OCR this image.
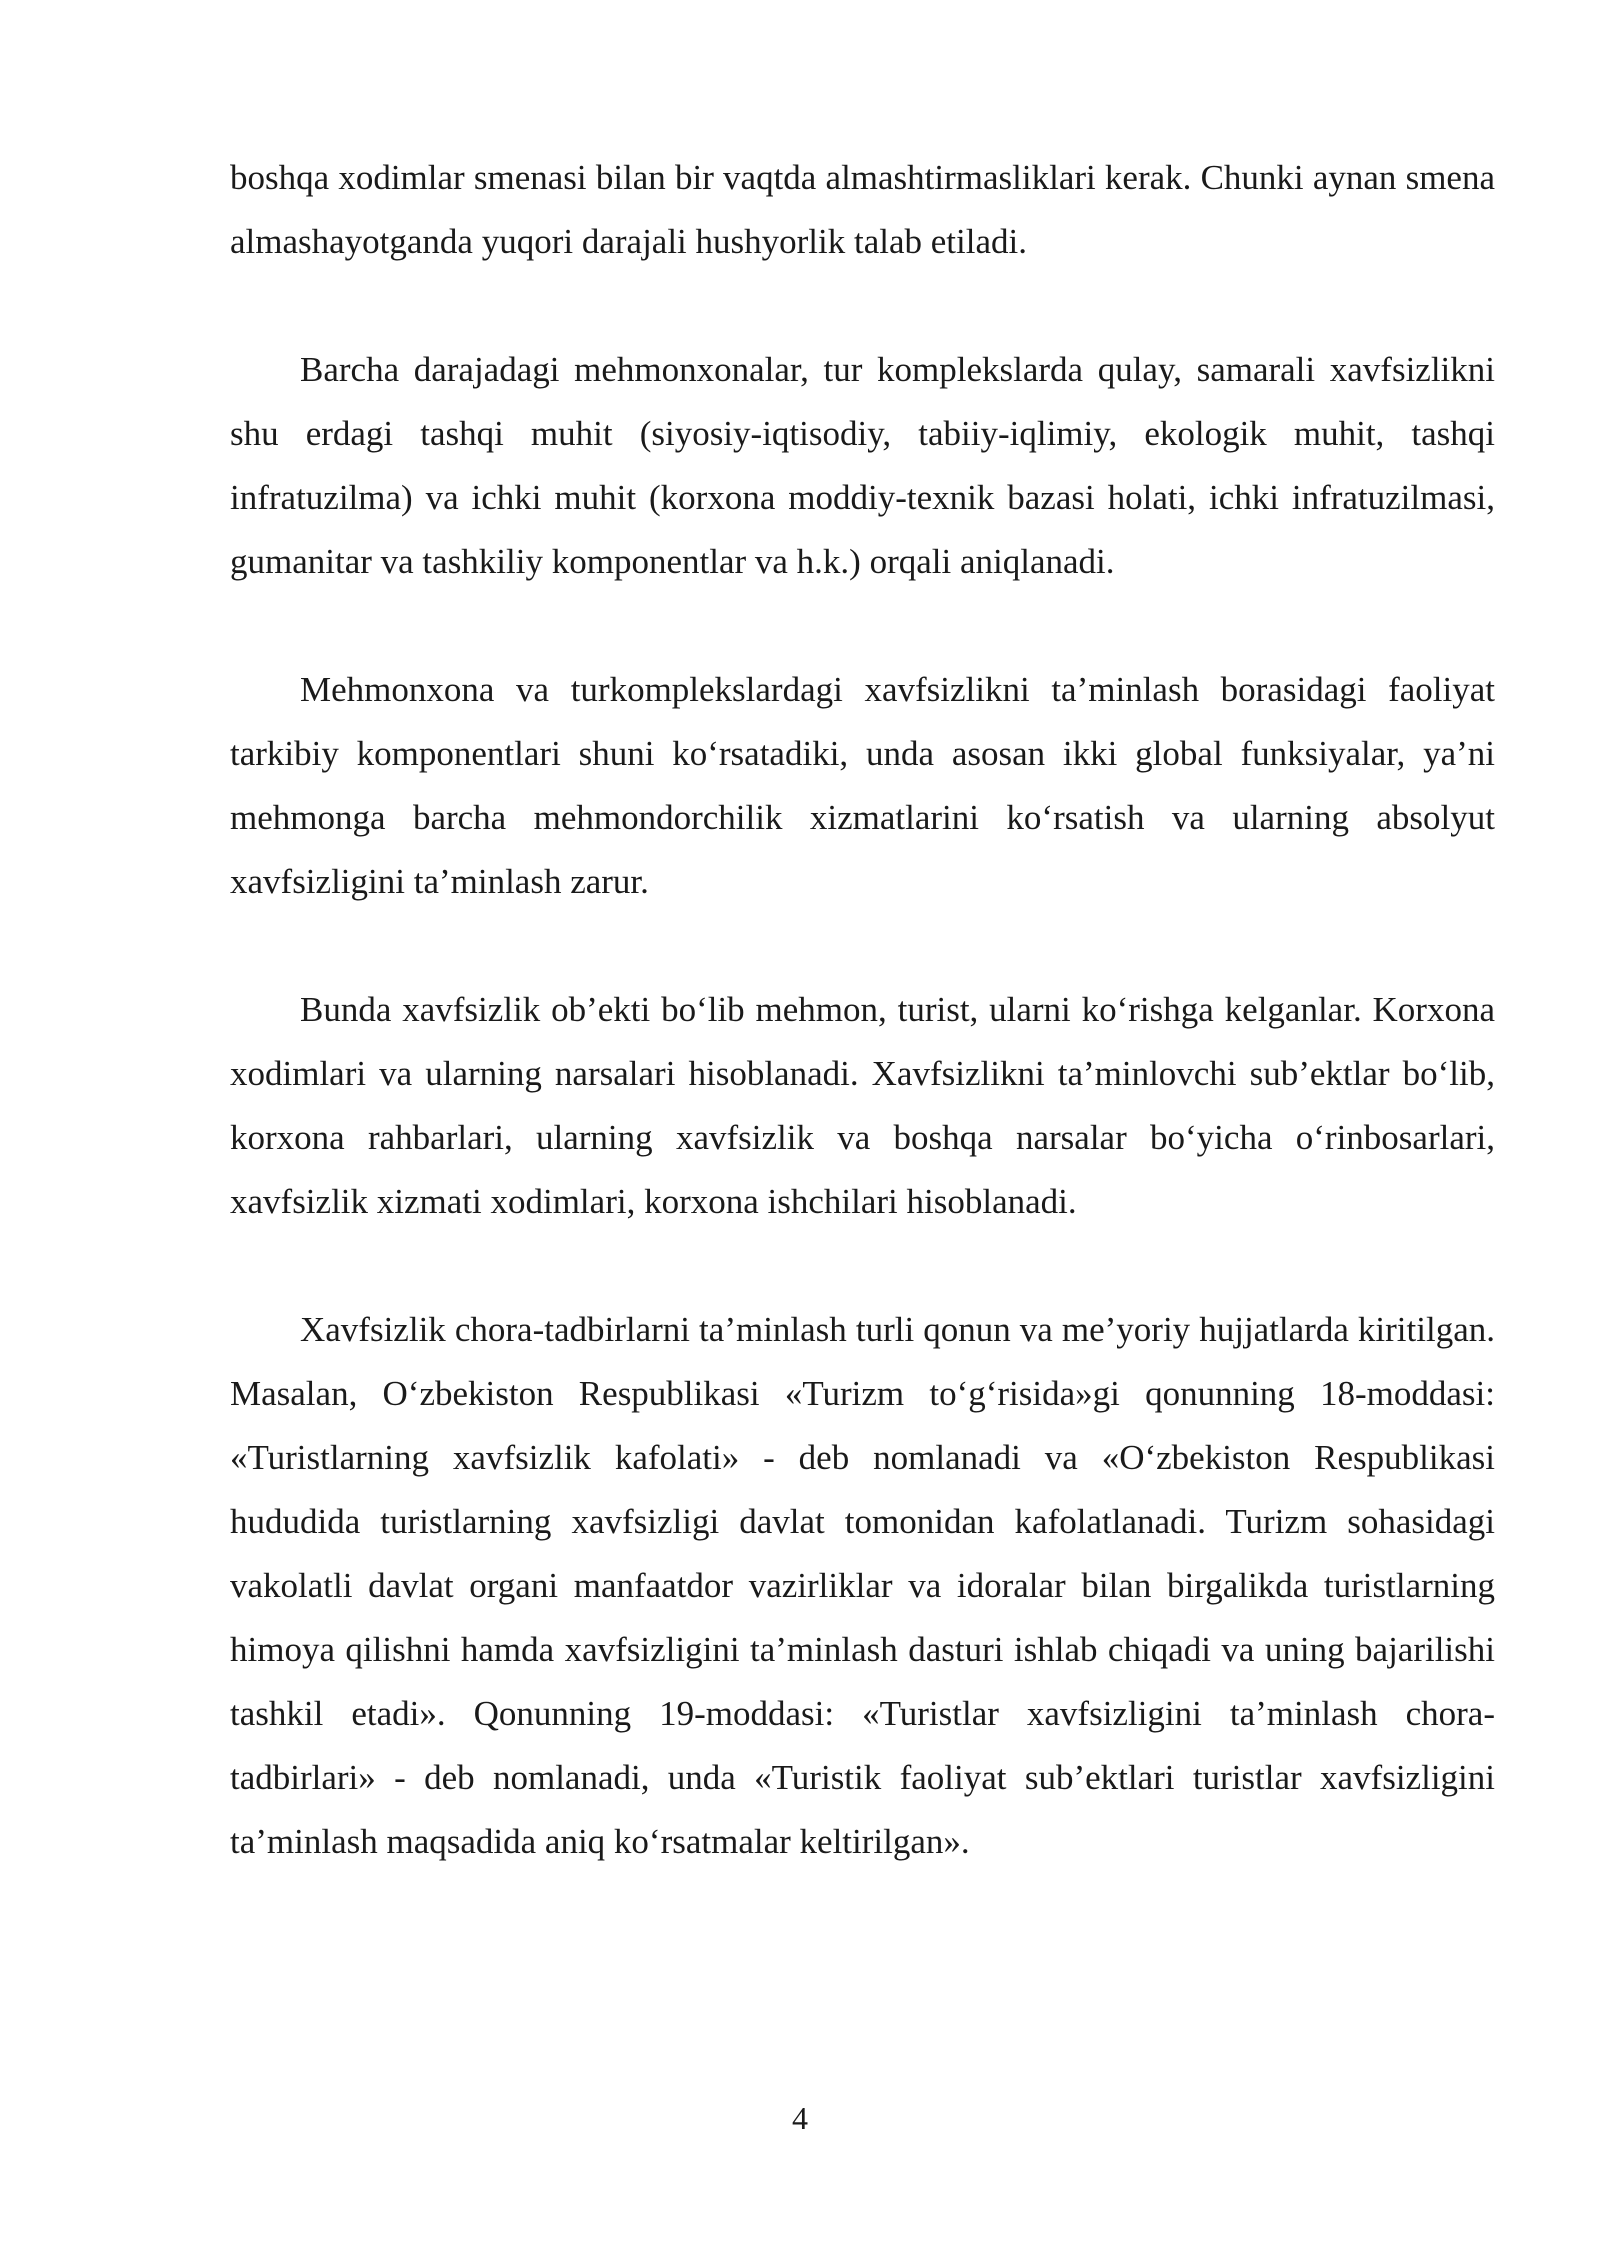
boshqa xodimlar smenasi bilan bir vaqtda almashtirmasliklari kerak. Chunki aynan smena almashayotganda yuqori darajali hushyorlik talab etiladi.

Barcha darajadagi mehmonxonalar, tur komplekslarda qulay, samarali xavfsizlikni shu erdagi tashqi muhit (siyosiy-iqtisodiy, tabiiy-iqlimiy, ekologik muhit, tashqi infratuzilma) va ichki muhit (korxona moddiy-texnik bazasi holati, ichki infratuzilmasi, gumanitar va tashkiliy komponentlar va h.k.) orqali aniqlanadi.

Mehmonxona va turkomplekslardagi xavfsizlikni ta’minlash borasidagi faoliyat tarkibiy komponentlari shuni ko‘rsatadiki, unda asosan ikki global funksiyalar, ya’ni mehmonga barcha mehmondorchilik xizmatlarini ko‘rsatish va ularning absolyut xavfsizligini ta’minlash zarur.

Bunda xavfsizlik ob’ekti bo‘lib mehmon, turist, ularni ko‘rishga kelganlar. Korxona xodimlari va ularning narsalari hisoblanadi. Xavfsizlikni ta’minlovchi sub’ektlar bo‘lib, korxona rahbarlari, ularning xavfsizlik va boshqa narsalar bo‘yicha o‘rinbosarlari, xavfsizlik xizmati xodimlari, korxona ishchilari hisoblanadi.

Xavfsizlik chora-tadbirlarni ta’minlash turli qonun va me’yoriy hujjatlarda kiritilgan. Masalan, O‘zbekiston Respublikasi «Turizm to‘g‘risida»gi qonunning 18-moddasi: «Turistlarning xavfsizlik kafolati» - deb nomlanadi va «O‘zbekiston Respublikasi hududida turistlarning xavfsizligi davlat tomonidan kafolatlanadi. Turizm sohasidagi vakolatli davlat organi manfaatdor vazirliklar va idoralar bilan birgalikda turistlarning himoya qilishni hamda xavfsizligini ta’minlash dasturi ishlab chiqadi va uning bajarilishi tashkil etadi». Qonunning 19-moddasi: «Turistlar xavfsizligini ta’minlash chora-tadbirlari» - deb nomlanadi, unda «Turistik faoliyat sub’ektlari turistlar xavfsizligini ta’minlash maqsadida aniq ko‘rsatmalar keltirilgan».

4
